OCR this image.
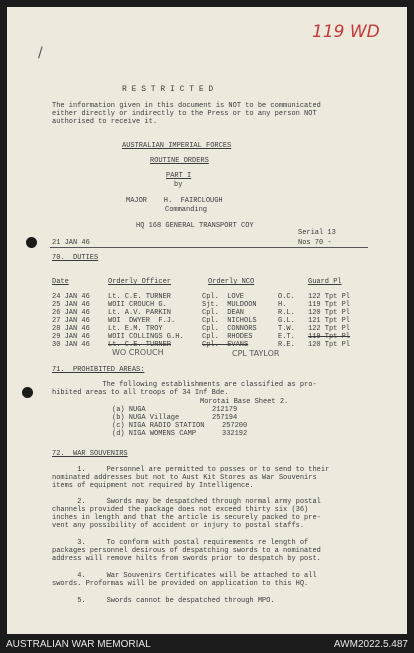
119 WD
/
R E S T R I C T E D
The information given in this document is NOT to be communicated
either directly or indirectly to the Press or to any person NOT
authorised to receive it.
AUSTRALIAN IMPERIAL FORCES
ROUTINE ORDERS
PART I
by
MAJOR    H.  FAIRCLOUGH
Commanding
HQ 168 GENERAL TRANSPORT COY
Serial 13
21 JAN 46	Nos 70 -
70.  DUTIES
Date	Orderly Officer	Orderly NCO	Guard Pl
24 JAN 46	Lt. C.E. TURNER	Cpl.  LOVE	O.C. 122 Tpt Pl
25 JAN 46	WOII CROUCH G.	Sjt.  MULDOON	H.	119 Tpt Pl
26 JAN 46	Lt. A.V. PARKIN	Cpl.  DEAN	R.L. 120 Tpt Pl
27 JAN 46	WOI  DWYER  F.J.	Cpl.  NICHOLS	G.L. 121 Tpt Pl
28 JAN 46	Lt. E.M. TROY	Cpl.  CONNORS	T.W. 122 Tpt Pl
29 JAN 46	WOII COLLINGS G.H.	Cpl.  RHODES	E.T. 119 Tpt Pl
30 JAN 46	Lt. C.E. TURNER	Cpl.  EVANS	R.E. 120 Tpt Pl
WO CROUCH	CPL TAYLOR
71.  PROHIBITED AREAS:
The following establishments are classified as pro-
hibited areas to all troops of 34 Inf Bde.
Morotai Base Sheet 2.
(a) NUGA	212179
(b) NUGA Village	257194
(c) NIGA RADIO STATION	257200
(d) NIGA WOMENS CAMP	332192
72.  WAR SOUVENIRS
1.     Personnel are permitted to posses or to send to their
nominated addresses but not to Aust Kit Stores as War Souvenirs
items of equipment not required by Intelligence.
2.     Swords may be despatched through normal army postal
channels provided the package does not exceed thirty six (36)
inches in length and that the article is securely packed to pre-
vent any possibility of accident or injury to postal staffs.
3.     To conform with postal requirements re length of
packages personnel desirous of despatching swords to a nominated
address will remove hilts from swords prior to despatch by post.
4.     War Souvenirs Certificates will be attached to all
swords. Proformas will be provided on application to this HQ.
5.     Swords cannot be despatched through MPO.
AUSTRALIAN WAR MEMORIAL	AWM2022.5.487
